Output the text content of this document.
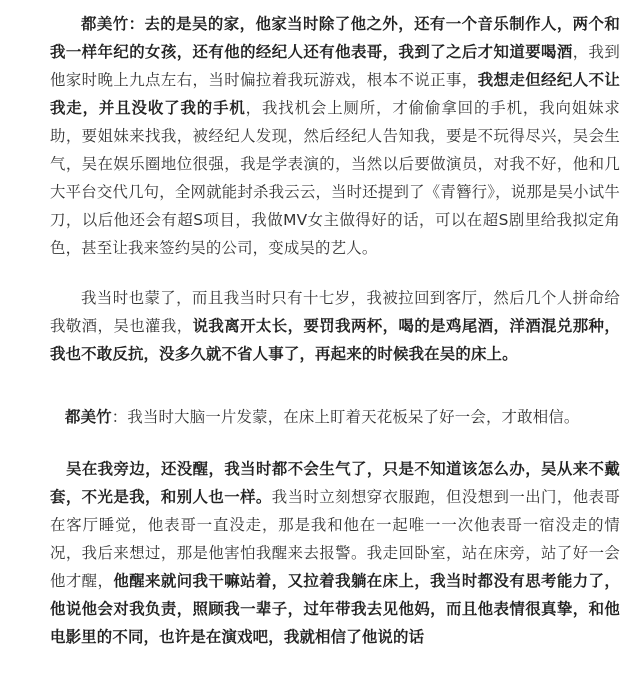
都美竹：去的是吴的家，他家当时除了他之外，还有一个音乐制作人，两个和我一样年纪的女孩，还有他的经纪人还有他表哥，我到了之后才知道要喝酒，我到他家时晚上九点左右，当时偏拉着我玩游戏，根本不说正事，我想走但经纪人不让我走，并且没收了我的手机，我找机会上厕所，才偷偷拿回的手机，我向姐妹求助，要姐妹来找我，被经纪人发现，然后经纪人告知我，要是不玩得尽兴，吴会生气，吴在娱乐圈地位很强，我是学表演的，当然以后要做演员，对我不好，他和几大平台交代几句，全网就能封杀我云云，当时还提到了《青簪行》，说那是吴小试牛刀，以后他还会有超S项目，我做MV女主做得好的话，可以在超S剧里给我拟定角色，甚至让我来签约吴的公司，变成吴的艺人。

我当时也蒙了，而且我当时只有十七岁，我被拉回到客厅，然后几个人拼命给我敬酒，吴也灌我，说我离开太长，要罚我两杯，喝的是鸡尾酒，洋酒混兑那种，我也不敢反抗，没多久就不省人事了，再起来的时候我在吴的床上。

都美竹：我当时大脑一片发蒙，在床上盯着天花板呆了好一会，才敢相信。

吴在我旁边，还没醒，我当时都不会生气了，只是不知道该怎么办，吴从来不戴套，不光是我，和别人也一样。我当时立刻想穿衣服跑，但没想到一出门，他表哥在客厅睡觉，他表哥一直没走，那是我和他在一起唯一一次他表哥一宿没走的情况，我后来想过，那是他害怕我醒来去报警。我走回卧室，站在床旁，站了好一会他才醒，他醒来就问我干嘛站着，又拉着我躺在床上，我当时都没有思考能力了，他说他会对我负责，照顾我一辈子，过年带我去见他妈，而且他表情很真挚，和他电影里的不同，也许是在演戏吧，我就相信了他说的话
